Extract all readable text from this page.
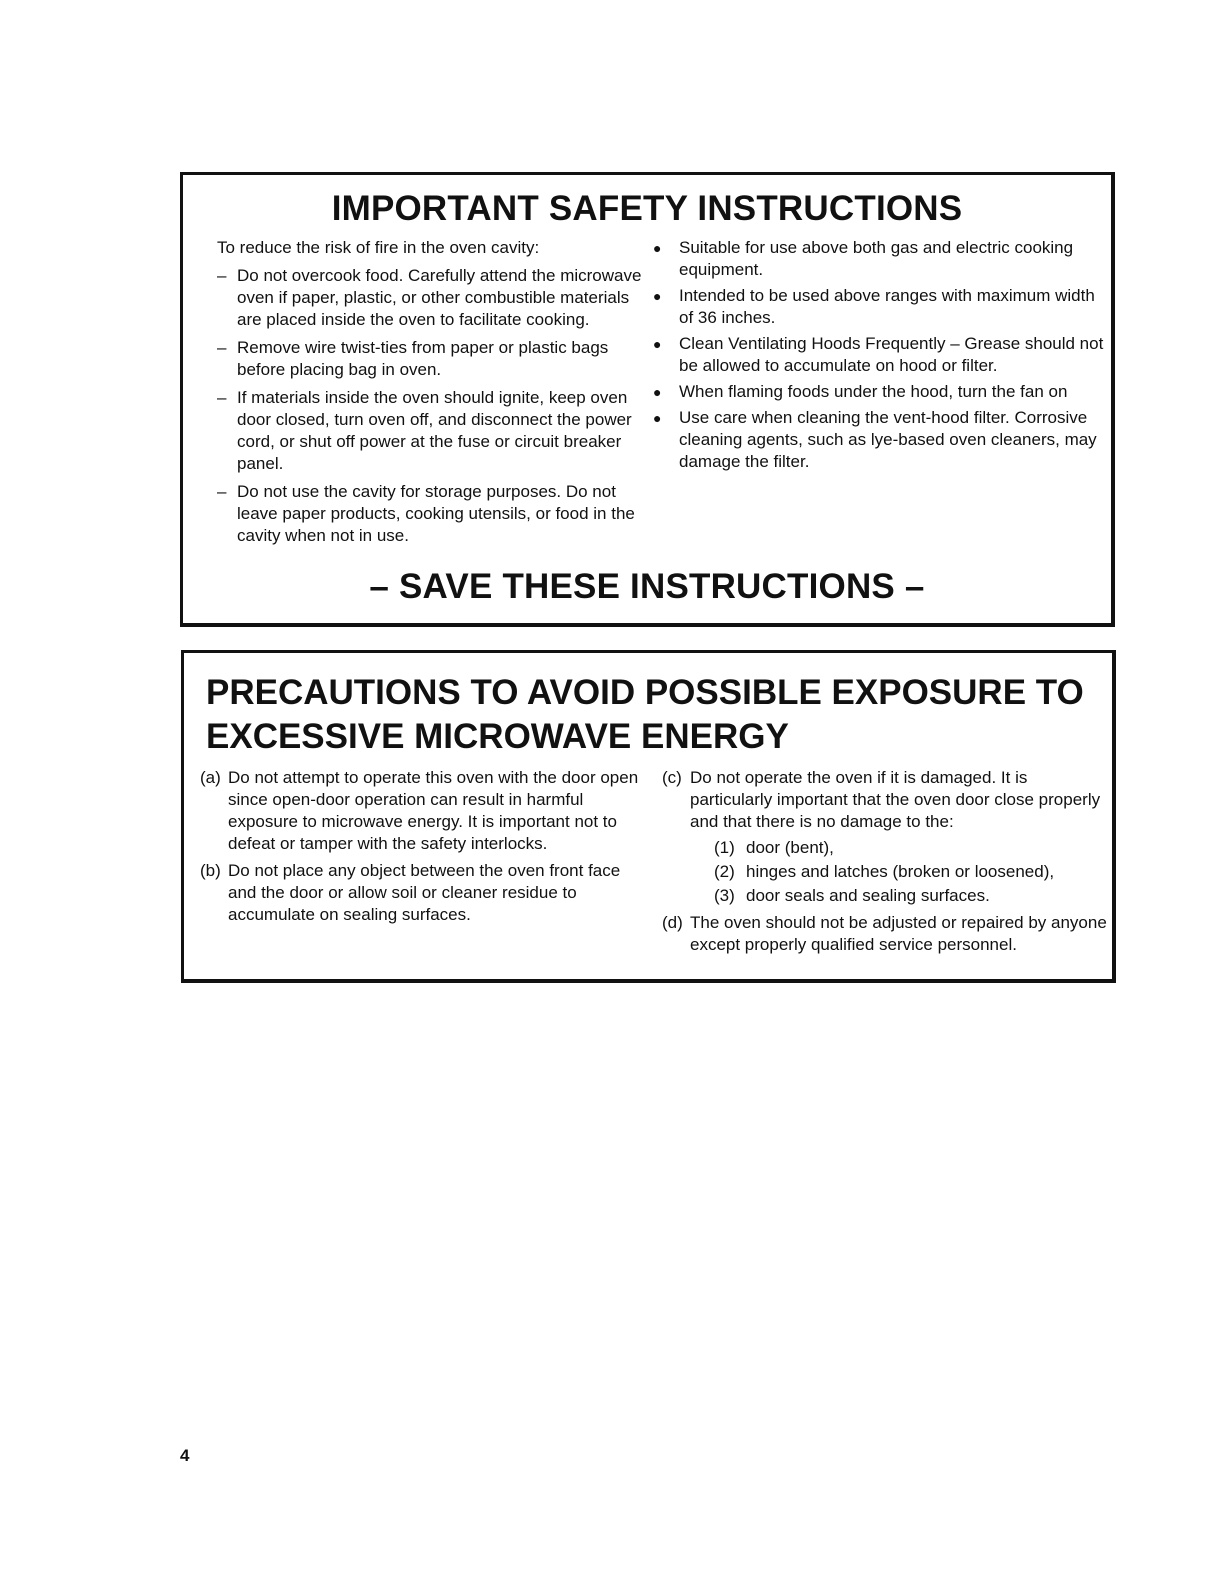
IMPORTANT SAFETY INSTRUCTIONS

To reduce the risk of fire in the oven cavity:

– Do not overcook food. Carefully attend the microwave oven if paper, plastic, or other combustible materials are placed inside the oven to facilitate cooking.
– Remove wire twist-ties from paper or plastic bags before placing bag in oven.
– If materials inside the oven should ignite, keep oven door closed, turn oven off, and disconnect the power cord, or shut off power at the fuse or circuit breaker panel.
– Do not use the cavity for storage purposes. Do not leave paper products, cooking utensils, or food in the cavity when not in use.
● Suitable for use above both gas and electric cooking equipment.
● Intended to be used above ranges with maximum width of 36 inches.
● Clean Ventilating Hoods Frequently – Grease should not be allowed to accumulate on hood or filter.
● When flaming foods under the hood, turn the fan on
● Use care when cleaning the vent-hood filter. Corrosive cleaning agents, such as lye-based oven cleaners, may damage the filter.
– SAVE THESE INSTRUCTIONS –
PRECAUTIONS TO AVOID POSSIBLE EXPOSURE TO EXCESSIVE MICROWAVE ENERGY
(a) Do not attempt to operate this oven with the door open since open-door operation can result in harmful exposure to microwave energy. It is important not to defeat or tamper with the safety interlocks.
(b) Do not place any object between the oven front face and the door or allow soil or cleaner residue to accumulate on sealing surfaces.
(c) Do not operate the oven if it is damaged. It is particularly important that the oven door close properly and that there is no damage to the:
(1) door (bent),
(2) hinges and latches (broken or loosened),
(3) door seals and sealing surfaces.
(d) The oven should not be adjusted or repaired by anyone except properly qualified service personnel.
4
